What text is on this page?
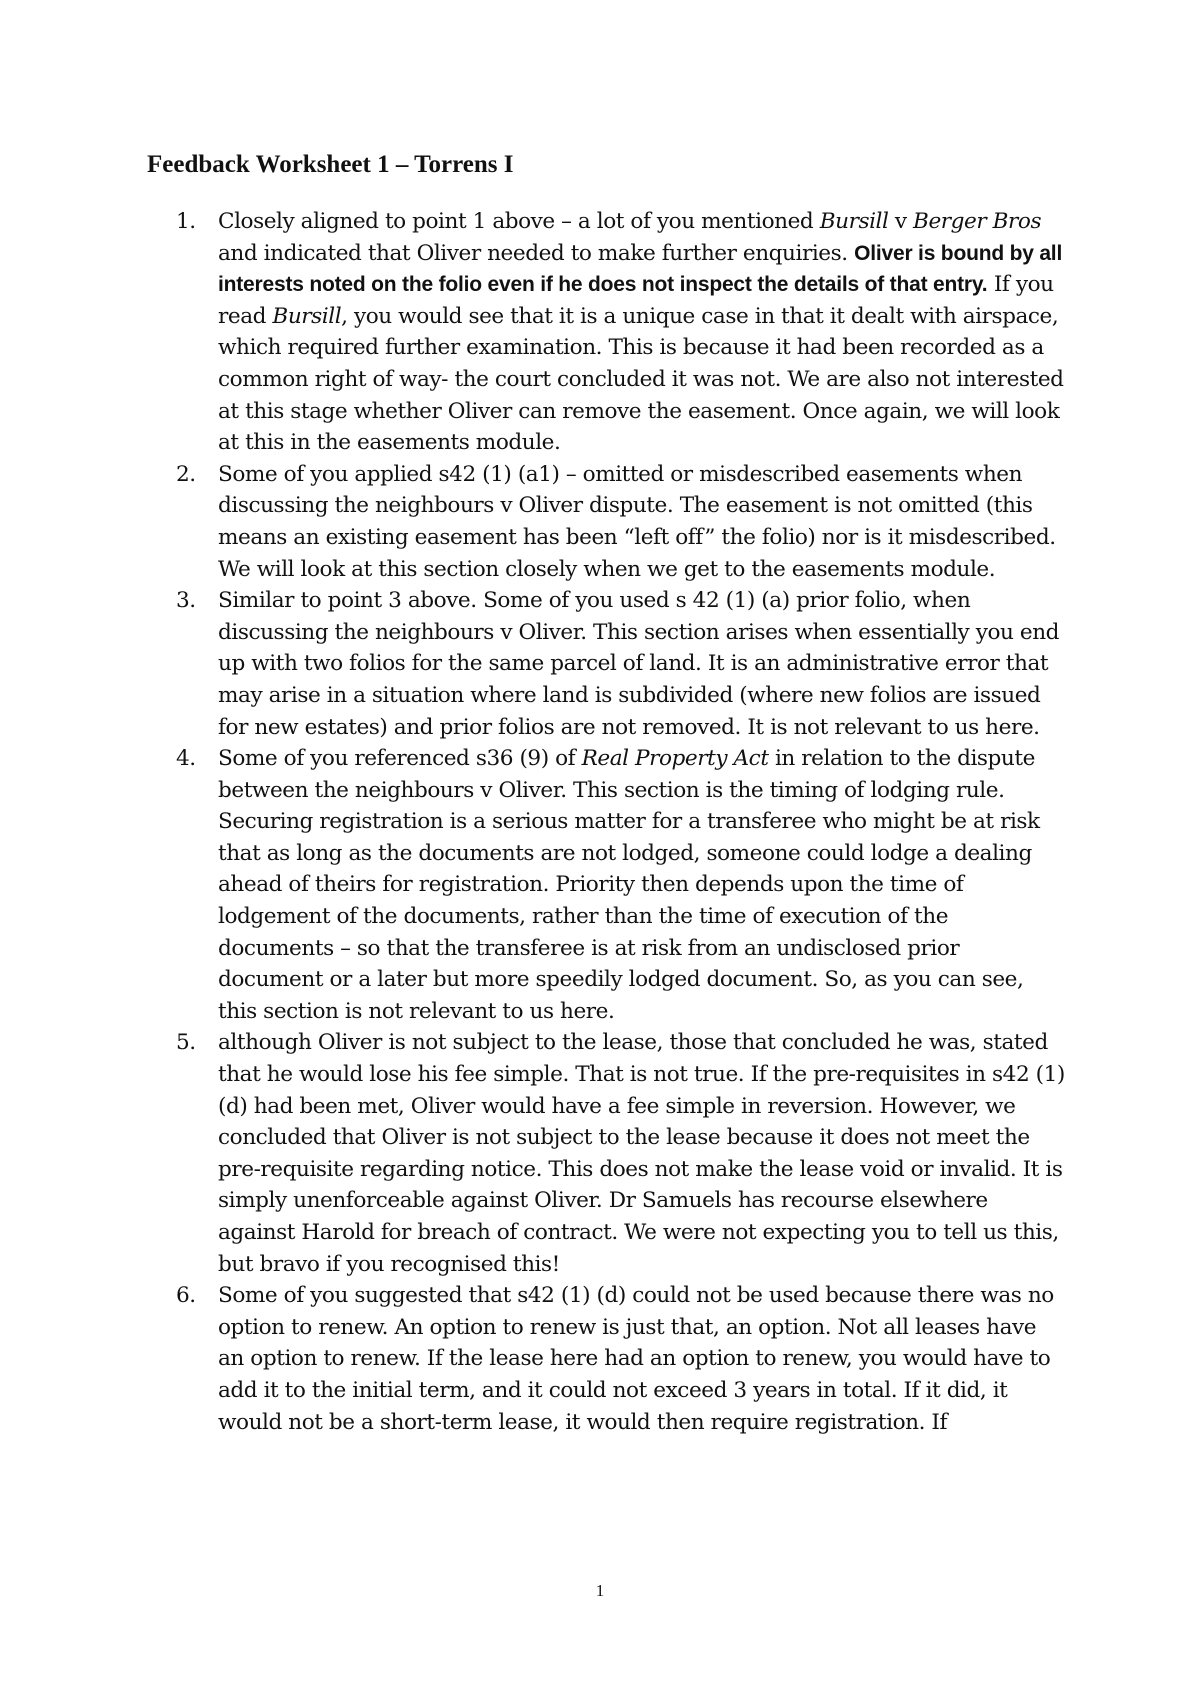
Feedback Worksheet 1 – Torrens I
1. Closely aligned to point 1 above – a lot of you mentioned Bursill v Berger Bros and indicated that Oliver needed to make further enquiries. Oliver is bound by all interests noted on the folio even if he does not inspect the details of that entry. If you read Bursill, you would see that it is a unique case in that it dealt with airspace, which required further examination. This is because it had been recorded as a common right of way- the court concluded it was not. We are also not interested at this stage whether Oliver can remove the easement. Once again, we will look at this in the easements module.
2. Some of you applied s42 (1) (a1) – omitted or misdescribed easements when discussing the neighbours v Oliver dispute. The easement is not omitted (this means an existing easement has been “left off” the folio) nor is it misdescribed. We will look at this section closely when we get to the easements module.
3. Similar to point 3 above. Some of you used s 42 (1) (a) prior folio, when discussing the neighbours v Oliver. This section arises when essentially you end up with two folios for the same parcel of land. It is an administrative error that may arise in a situation where land is subdivided (where new folios are issued for new estates) and prior folios are not removed. It is not relevant to us here.
4. Some of you referenced s36 (9) of Real Property Act in relation to the dispute between the neighbours v Oliver. This section is the timing of lodging rule. Securing registration is a serious matter for a transferee who might be at risk that as long as the documents are not lodged, someone could lodge a dealing ahead of theirs for registration. Priority then depends upon the time of lodgement of the documents, rather than the time of execution of the documents – so that the transferee is at risk from an undisclosed prior document or a later but more speedily lodged document. So, as you can see, this section is not relevant to us here.
5. although Oliver is not subject to the lease, those that concluded he was, stated that he would lose his fee simple. That is not true. If the pre-requisites in s42 (1) (d) had been met, Oliver would have a fee simple in reversion. However, we concluded that Oliver is not subject to the lease because it does not meet the pre-requisite regarding notice. This does not make the lease void or invalid. It is simply unenforceable against Oliver. Dr Samuels has recourse elsewhere against Harold for breach of contract. We were not expecting you to tell us this, but bravo if you recognised this!
6. Some of you suggested that s42 (1) (d) could not be used because there was no option to renew. An option to renew is just that, an option. Not all leases have an option to renew. If the lease here had an option to renew, you would have to add it to the initial term, and it could not exceed 3 years in total. If it did, it would not be a short-term lease, it would then require registration. If
1
